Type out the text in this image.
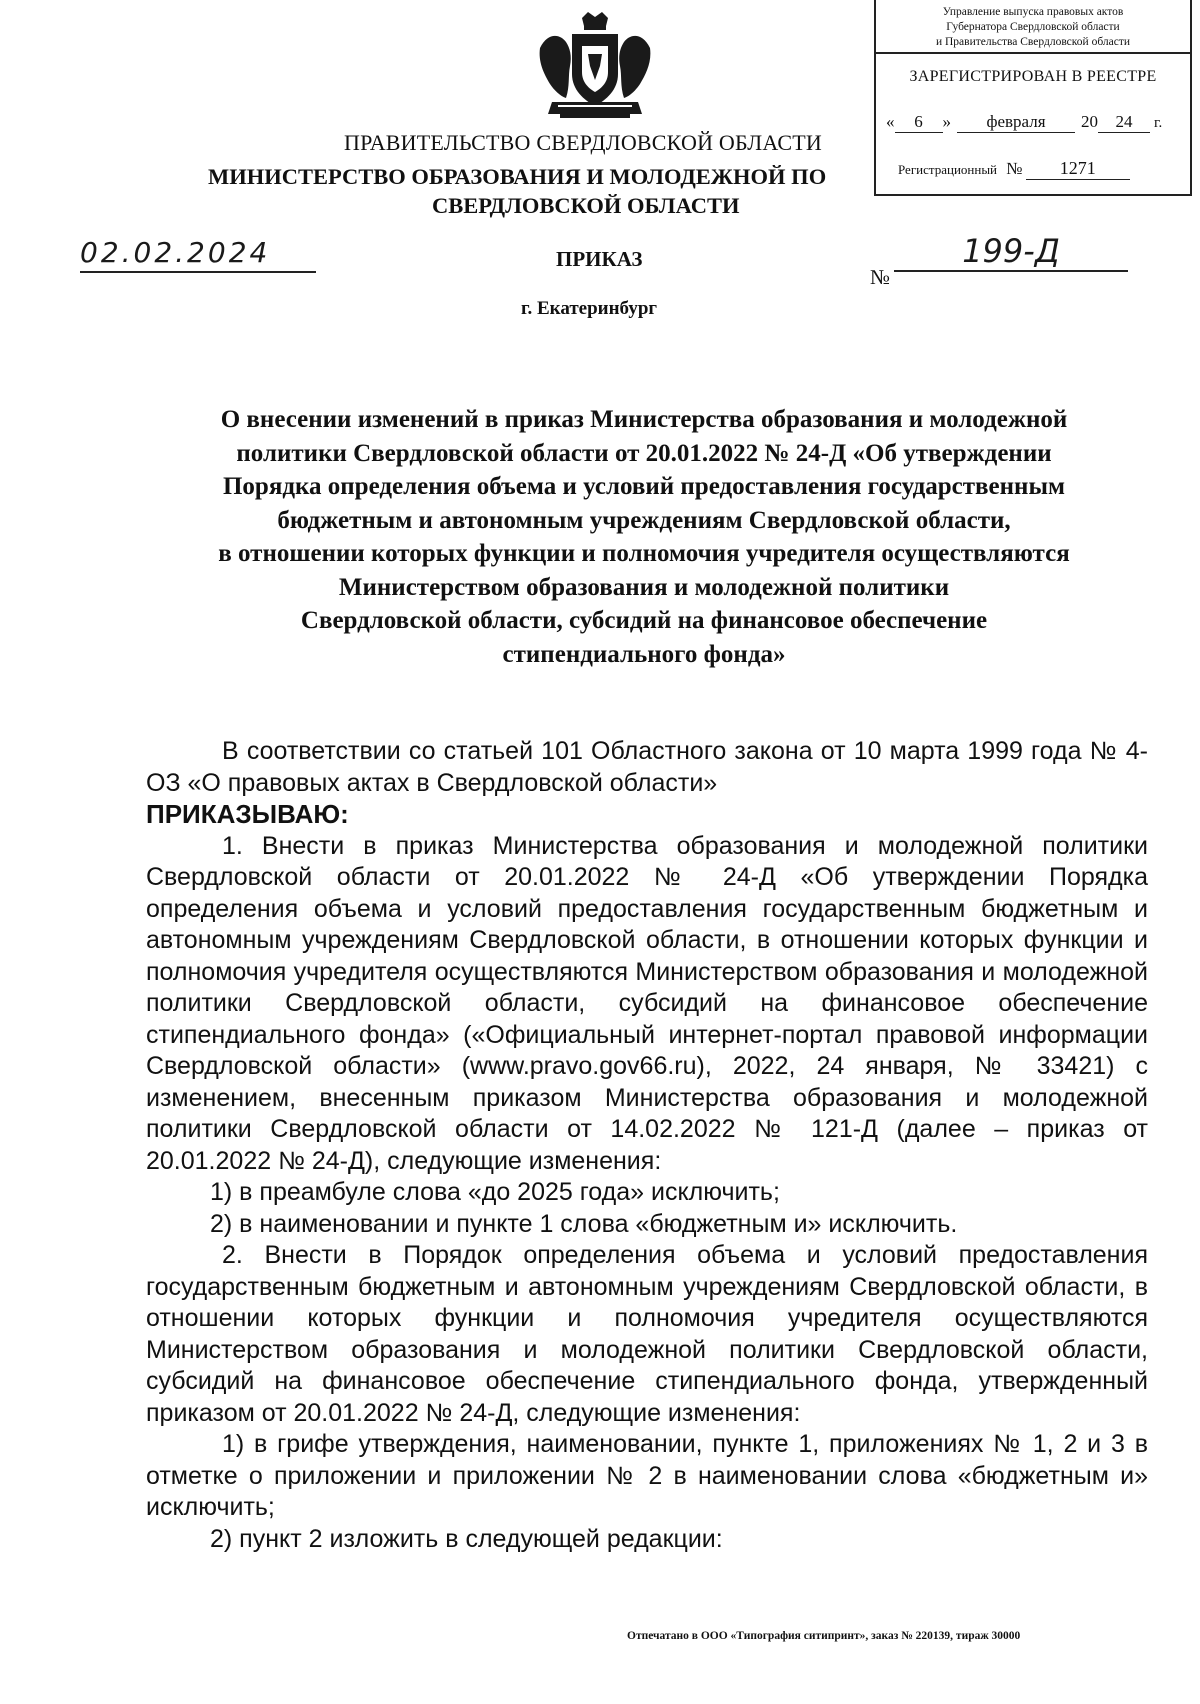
Управление выпуска правовых актов
Губернатора Свердловской области
и Правительства Свердловской области
ЗАРЕГИСТРИРОВАН В РЕЕСТРЕ
« 6 » февраля 20 24 г.
Регистрационный № 1271
ПРАВИТЕЛЬСТВО СВЕРДЛОВСКОЙ ОБЛАСТИ
МИНИСТЕРСТВО ОБРАЗОВАНИЯ И МОЛОДЕЖНОЙ ПО
СВЕРДЛОВСКОЙ ОБЛАСТИ
02.02.2024	ПРИКАЗ
№
199-Д
г. Екатеринбург
О внесении изменений в приказ Министерства образования и молодежной
политики Свердловской области от 20.01.2022 № 24-Д «Об утверждении
Порядка определения объема и условий предоставления государственным
бюджетным и автономным учреждениям Свердловской области,
в отношении которых функции и полномочия учредителя осуществляются
Министерством образования и молодежной политики
Свердловской области, субсидий на финансовое обеспечение
стипендиального фонда»
В соответствии со статьей 101 Областного закона от 10 марта 1999 года № 4-ОЗ «О правовых актах в Свердловской области»
ПРИКАЗЫВАЮ:
1. Внести в приказ Министерства образования и молодежной политики Свердловской области от 20.01.2022 № 24-Д «Об утверждении Порядка определения объема и условий предоставления государственным бюджетным и автономным учреждениям Свердловской области, в отношении которых функции и полномочия учредителя осуществляются Министерством образования и молодежной политики Свердловской области, субсидий на финансовое обеспечение стипендиального фонда» («Официальный интернет-портал правовой информации Свердловской области» (www.pravo.gov66.ru), 2022, 24 января, № 33421) с изменением, внесенным приказом Министерства образования и молодежной политики Свердловской области от 14.02.2022 № 121-Д (далее – приказ от 20.01.2022 № 24-Д), следующие изменения:
1) в преамбуле слова «до 2025 года» исключить;
2) в наименовании и пункте 1 слова «бюджетным и» исключить.
2. Внести в Порядок определения объема и условий предоставления государственным бюджетным и автономным учреждениям Свердловской области, в отношении которых функции и полномочия учредителя осуществляются Министерством образования и молодежной политики Свердловской области, субсидий на финансовое обеспечение стипендиального фонда, утвержденный приказом от 20.01.2022 № 24-Д, следующие изменения:
1) в грифе утверждения, наименовании, пункте 1, приложениях № 1, 2 и 3 в отметке о приложении и приложении № 2 в наименовании слова «бюджетным и» исключить;
2) пункт 2 изложить в следующей редакции:
Отпечатано в ООО «Типография ситипринт», заказ № 220139, тираж 30000
